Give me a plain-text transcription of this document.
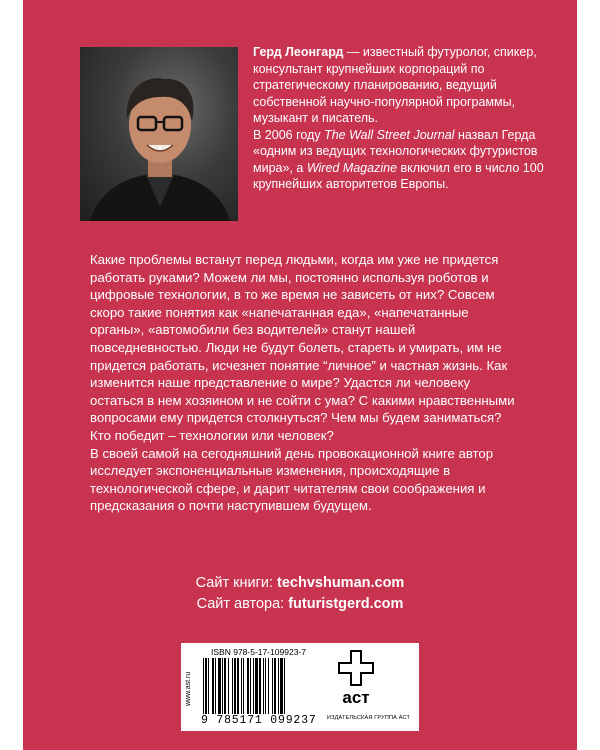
Герд Леонгард — известный футуролог, спикер, консультант крупнейших корпораций по стратегическому планированию, ведущий собственной научно-популярной программы, музыкант и писатель.

В 2006 году The Wall Street Journal назвал Герда «одним из ведущих технологических футуристов мира», а Wired Magazine включил его в число 100 крупнейших авторитетов Европы.

Какие проблемы встанут перед людьми, когда им уже не придется работать руками? Можем ли мы, постоянно используя роботов и цифровые технологии, в то же время не зависеть от них? Совсем скоро такие понятия как «напечатанная еда», «напечатанные органы», «автомобили без водителей» станут нашей повседневностью. Люди не будут болеть, стареть и умирать, им не придется работать, исчезнет понятие “личное” и частная жизнь. Как изменится наше представление о мире? Удастся ли человеку остаться в нем хозяином и не сойти с ума? С какими нравственными вопросами ему придется столкнуться? Чем мы будем заниматься? Кто победит – технологии или человек?

В своей самой на сегодняшний день провокационной книге автор исследует экспоненциальные изменения, происходящие в технологической сфере, и дарит читателям свои соображения и предсказания о почти наступившем будущем.

Сайт книги: techvshuman.com
Сайт автора: futuristgerd.com
www.ast.ru
ISBN 978-5-17-109923-7
9 785171 099237
аст
ИЗДАТЕЛЬСКАЯ ГРУППА АСТ
